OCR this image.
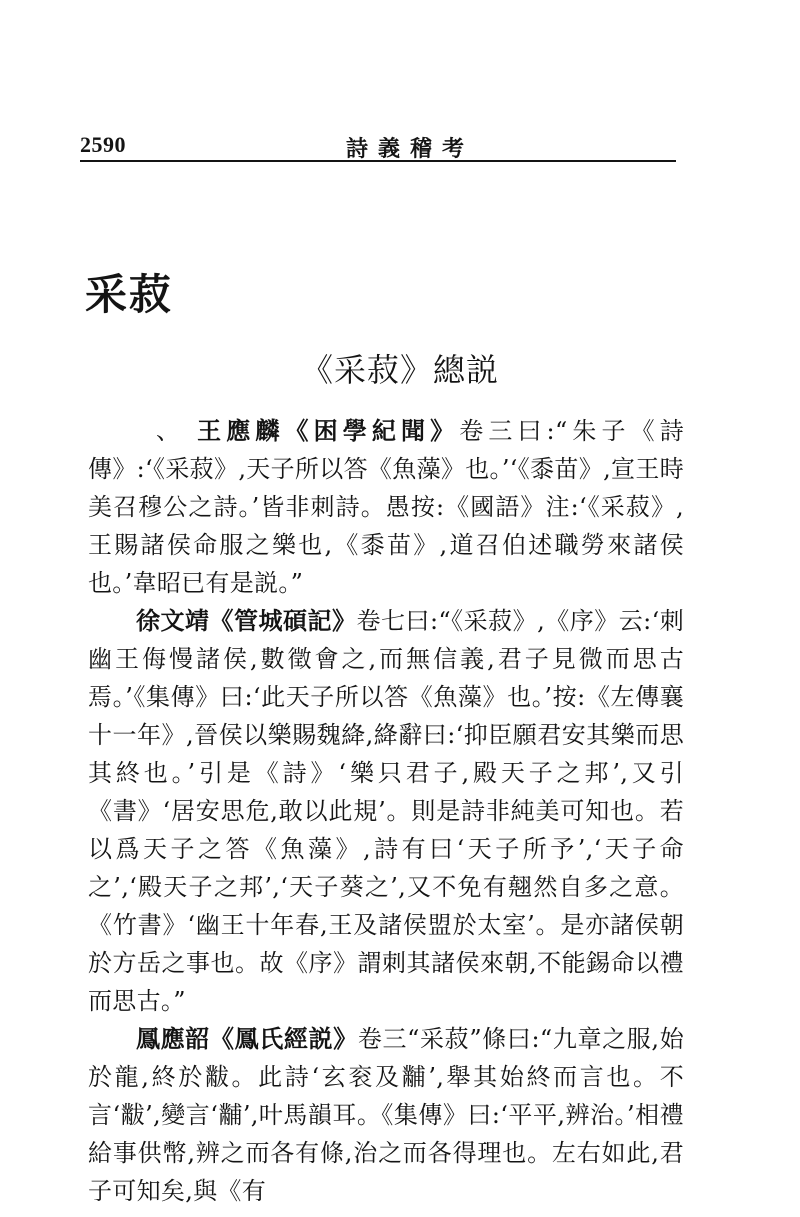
2590	詩義稽考
采菽
《采菽》總説

、 王應麟《困學紀聞》卷三曰:“朱子《詩傳》:‘《采菽》,天子所以答《魚藻》也。’‘《黍苗》,宣王時美召穆公之詩。’皆非刺詩。愚按:《國語》注:‘《采菽》,王賜諸侯命服之樂也,《黍苗》,道召伯述職勞來諸侯也。’韋昭已有是説。”

徐文靖《管城碩記》卷七曰:“《采菽》,《序》云:‘刺幽王侮慢諸侯,數徵會之,而無信義,君子見微而思古焉。’《集傳》曰:‘此天子所以答《魚藻》也。’按:《左傳襄十一年》,晉侯以樂賜魏絳,絳辭曰:‘抑臣願君安其樂而思其終也。’引是《詩》‘樂只君子,殿天子之邦’,又引《書》‘居安思危,敢以此規’。則是詩非純美可知也。若以爲天子之答《魚藻》,詩有曰‘天子所予’,‘天子命之’,‘殿天子之邦’,‘天子葵之’,又不免有翹然自多之意。《竹書》‘幽王十年春,王及諸侯盟於太室’。是亦諸侯朝於方岳之事也。故《序》謂刺其諸侯來朝,不能錫命以禮而思古。”

鳳應韶《鳳氏經説》卷三“采菽”條曰:“九章之服,始於龍,終於黻。此詩‘玄衮及黼’,舉其始終而言也。不言‘黻’,變言‘黼’,叶馬韻耳。《集傳》曰:‘平平,辨治。’相禮給事供幣,辨之而各有條,治之而各得理也。左右如此,君子可知矣,與《有
